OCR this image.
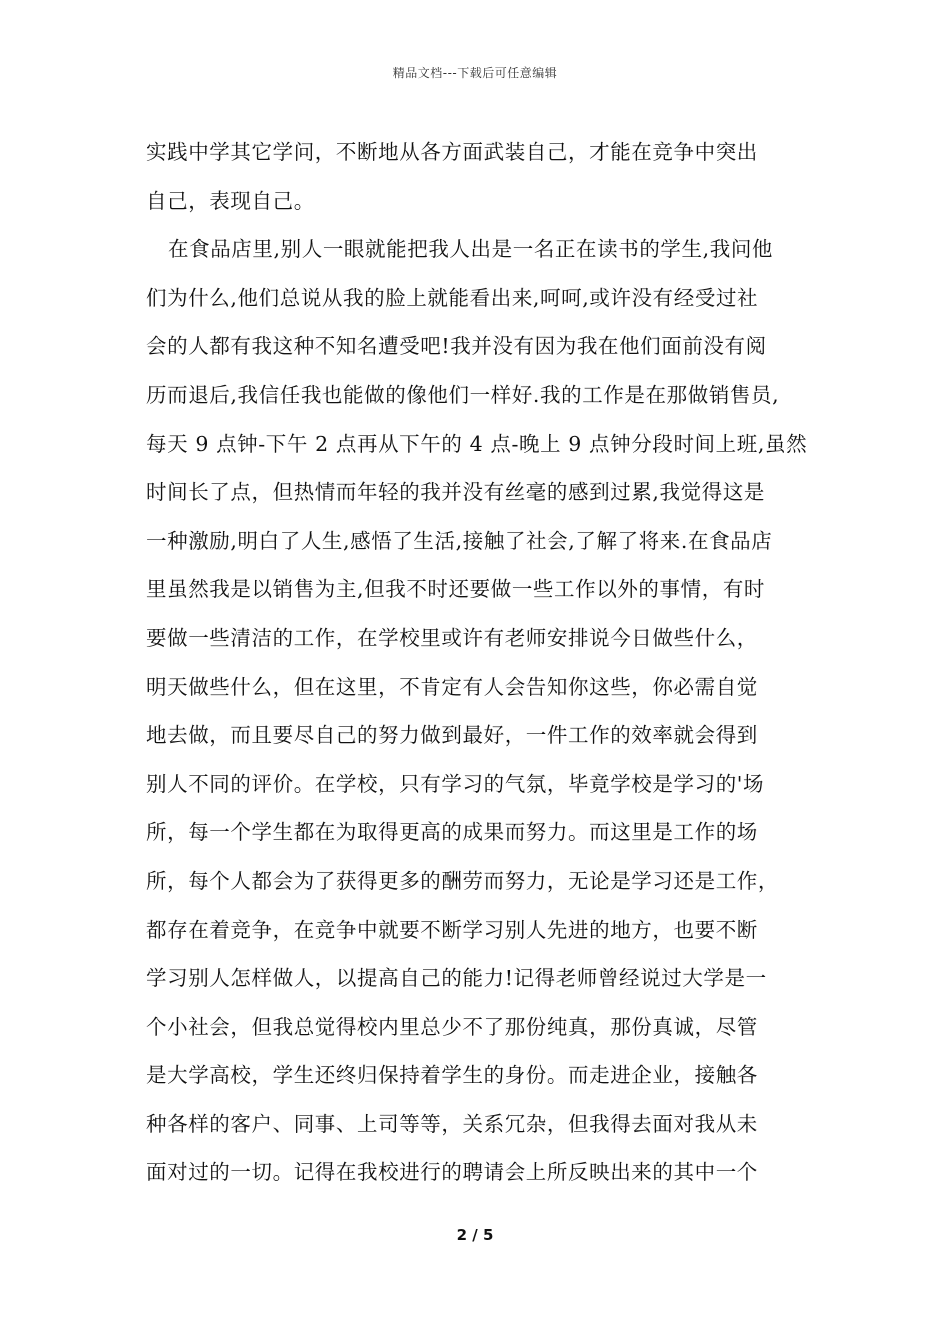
精品文档---下载后可任意编辑
实践中学其它学问，不断地从各方面武装自己，才能在竞争中突出
自己，表现自己。
在食品店里,别人一眼就能把我人出是一名正在读书的学生,我问他
们为什么,他们总说从我的脸上就能看出来,呵呵,或许没有经受过社
会的人都有我这种不知名遭受吧!我并没有因为我在他们面前没有阅
历而退后,我信任我也能做的像他们一样好.我的工作是在那做销售员,
每天 9 点钟-下午 2 点再从下午的 4 点-晚上 9 点钟分段时间上班,虽然
时间长了点，但热情而年轻的我并没有丝毫的感到过累,我觉得这是
一种激励,明白了人生,感悟了生活,接触了社会,了解了将来.在食品店
里虽然我是以销售为主,但我不时还要做一些工作以外的事情，有时
要做一些清洁的工作，在学校里或许有老师安排说今日做些什么，
明天做些什么，但在这里，不肯定有人会告知你这些，你必需自觉
地去做，而且要尽自己的努力做到最好，一件工作的效率就会得到
别人不同的评价。在学校，只有学习的气氛，毕竟学校是学习的'场
所，每一个学生都在为取得更高的成果而努力。而这里是工作的场
所，每个人都会为了获得更多的酬劳而努力，无论是学习还是工作，
都存在着竞争，在竞争中就要不断学习别人先进的地方，也要不断
学习别人怎样做人，以提高自己的能力!记得老师曾经说过大学是一
个小社会，但我总觉得校内里总少不了那份纯真，那份真诚，尽管
是大学高校，学生还终归保持着学生的身份。而走进企业，接触各
种各样的客户、同事、上司等等，关系冗杂，但我得去面对我从未
面对过的一切。记得在我校进行的聘请会上所反映出来的其中一个
2 / 5
